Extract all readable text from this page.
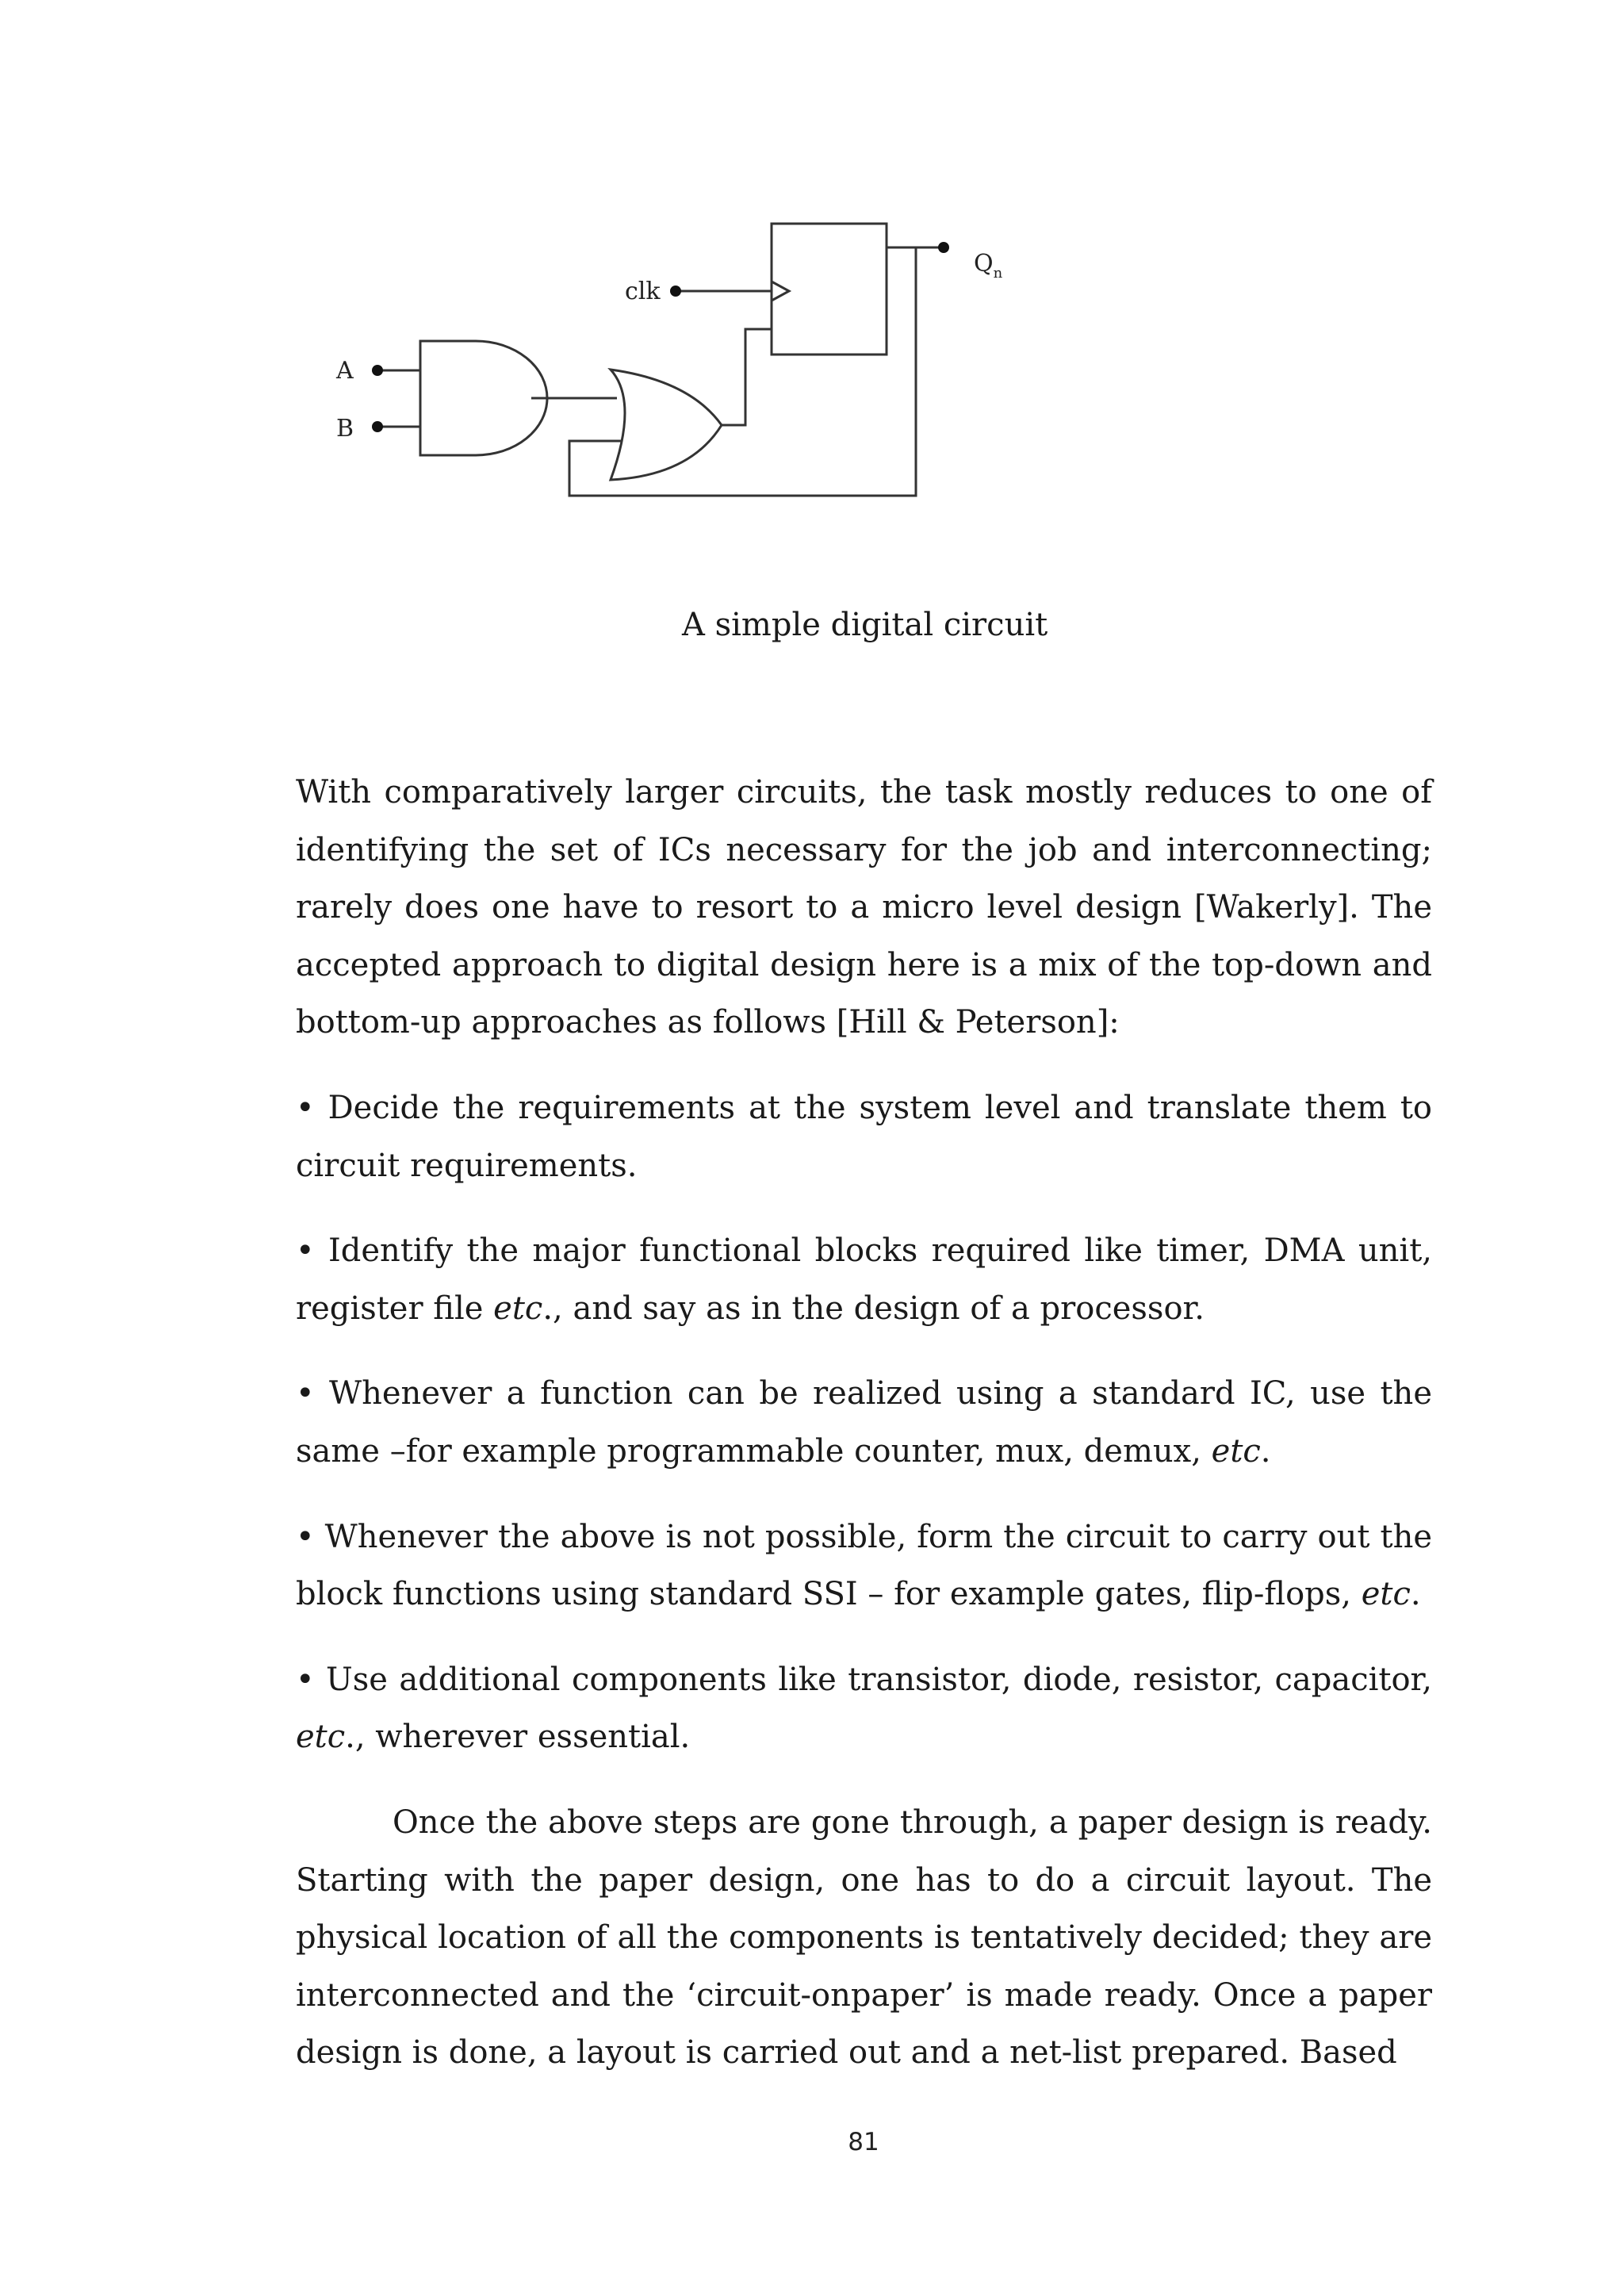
A
B
clk
$Q_n$
A simple digital circuit

With comparatively larger circuits, the task mostly reduces to one of identifying the set of ICs necessary for the job and interconnecting; rarely does one have to resort to a micro level design [Wakerly]. The accepted approach to digital design here is a mix of the top-down and bottom-up approaches as follows [Hill & Peterson]:

• Decide the requirements at the system level and translate them to circuit requirements.

• Identify the major functional blocks required like timer, DMA unit, register file etc., and say as in the design of a processor.

• Whenever a function can be realized using a standard IC, use the same –for example programmable counter, mux, demux, etc.

• Whenever the above is not possible, form the circuit to carry out the block functions using standard SSI – for example gates, flip-flops, etc.

• Use additional components like transistor, diode, resistor, capacitor, etc., wherever essential.

Once the above steps are gone through, a paper design is ready. Starting with the paper design, one has to do a circuit layout. The physical location of all the components is tentatively decided; they are interconnected and the ‘circuit-onpaper’ is made ready. Once a paper design is done, a layout is carried out and a net-list prepared. Based

81
